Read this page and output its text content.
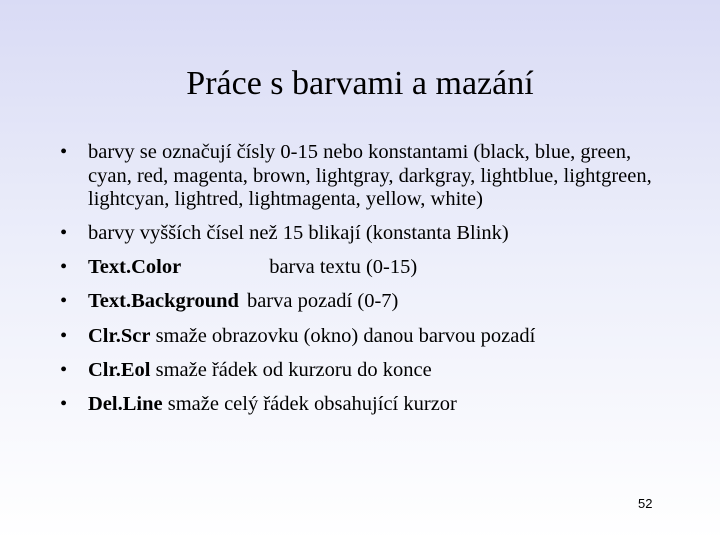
Práce s barvami a mazání
• barvy se označují čísly 0-15 nebo konstantami (black, blue, green, cyan, red, magenta, brown, lightgray, darkgray, lightblue, lightgreen, lightcyan, lightred, lightmagenta, yellow, white)
• barvy vyšších čísel než 15 blikají (konstanta Blink)
• Text.Color	barva textu (0-15)
• Text.Background barva pozadí (0-7)
• Clr.Scr smaže obrazovku (okno) danou barvou pozadí
• Clr.Eol smaže řádek od kurzoru do konce
• Del.Line smaže celý řádek obsahující kurzor
52
